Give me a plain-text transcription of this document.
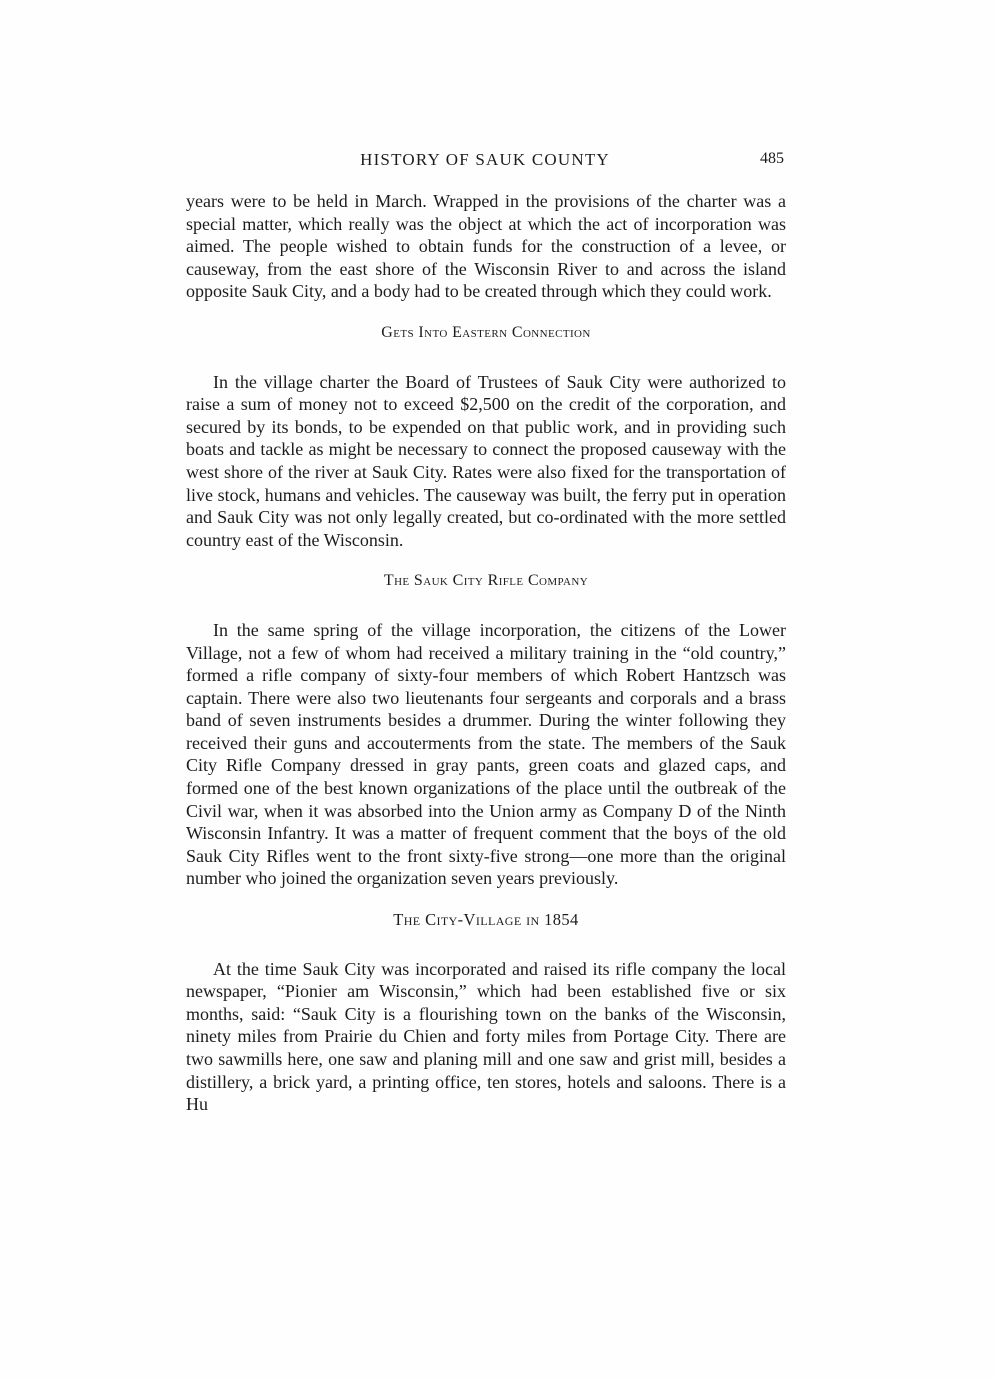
HISTORY OF SAUK COUNTY	485

years were to be held in March. Wrapped in the provisions of the charter was a special matter, which really was the object at which the act of incorporation was aimed. The people wished to obtain funds for the construction of a levee, or causeway, from the east shore of the Wisconsin River to and across the island opposite Sauk City, and a body had to be created through which they could work.

Gets Into Eastern Connection

In the village charter the Board of Trustees of Sauk City were authorized to raise a sum of money not to exceed $2,500 on the credit of the corporation, and secured by its bonds, to be expended on that public work, and in providing such boats and tackle as might be necessary to connect the proposed causeway with the west shore of the river at Sauk City. Rates were also fixed for the transportation of live stock, humans and vehicles. The causeway was built, the ferry put in operation and Sauk City was not only legally created, but co-ordinated with the more settled country east of the Wisconsin.

The Sauk City Rifle Company

In the same spring of the village incorporation, the citizens of the Lower Village, not a few of whom had received a military training in the “old country,” formed a rifle company of sixty-four members of which Robert Hantzsch was captain. There were also two lieutenants four sergeants and corporals and a brass band of seven instruments besides a drummer. During the winter following they received their guns and accouterments from the state. The members of the Sauk City Rifle Company dressed in gray pants, green coats and glazed caps, and formed one of the best known organizations of the place until the outbreak of the Civil war, when it was absorbed into the Union army as Company D of the Ninth Wisconsin Infantry. It was a matter of frequent comment that the boys of the old Sauk City Rifles went to the front sixty-five strong—one more than the original number who joined the organization seven years previously.

The City-Village in 1854

At the time Sauk City was incorporated and raised its rifle company the local newspaper, “Pionier am Wisconsin,” which had been established five or six months, said: “Sauk City is a flourishing town on the banks of the Wisconsin, ninety miles from Prairie du Chien and forty miles from Portage City. There are two sawmills here, one saw and planing mill and one saw and grist mill, besides a distillery, a brick yard, a printing office, ten stores, hotels and saloons. There is a Hu
